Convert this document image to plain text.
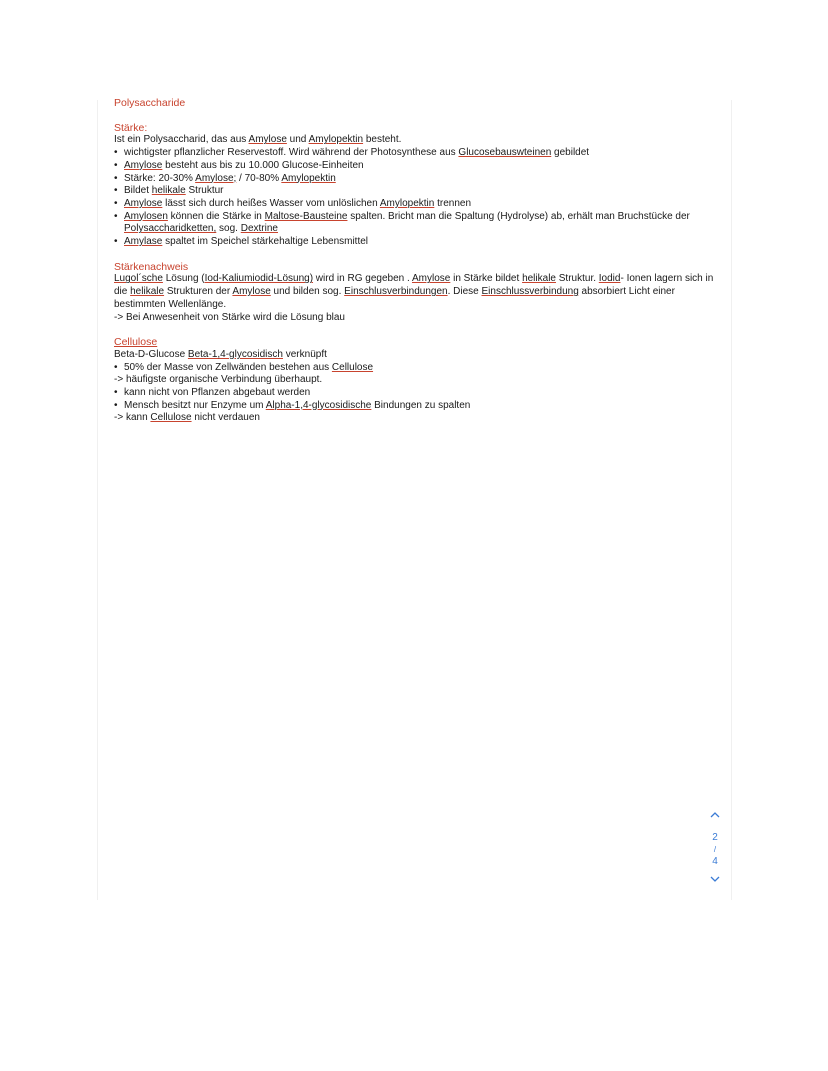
Polysaccharide
Stärke:
Ist ein Polysaccharid, das aus Amylose und Amylopektin besteht.
• wichtigster pflanzlicher Reservestoff. Wird während der Photosynthese aus Glucosebauswteinen gebildet
• Amylose besteht aus bis zu 10.000 Glucose-Einheiten
• Stärke: 20-30% Amylose; / 70-80% Amylopektin
• Bildet helikale Struktur
• Amylose lässt sich durch heißes Wasser vom unlöslichen Amylopektin trennen
• Amylosen können die Stärke in Maltose-Bausteine spalten. Bricht man die Spaltung (Hydrolyse) ab, erhält man Bruchstücke der Polysaccharidketten, sog. Dextrine
• Amylase spaltet im Speichel stärkehaltige Lebensmittel
Stärkenachweis
Lugol´sche Lösung (Iod-Kaliumiodid-Lösung) wird in RG gegeben . Amylose in Stärke bildet helikale Struktur. Iodid- Ionen lagern sich in die helikale Strukturen der Amylose und bilden sog. Einschlusverbindungen. Diese Einschlussverbindung absorbiert Licht einer bestimmten Wellenlänge.
-> Bei Anwesenheit von Stärke wird die Lösung blau
Cellulose
Beta-D-Glucose Beta-1,4-glycosidisch verknüpft
• 50% der Masse von Zellwänden bestehen aus Cellulose
-> häufigste organische Verbindung überhaupt.
• kann nicht von Pflanzen abgebaut werden
• Mensch besitzt nur Enzyme um Alpha-1,4-glycosidische Bindungen zu spalten
-> kann Cellulose nicht verdauen
2
/
4
